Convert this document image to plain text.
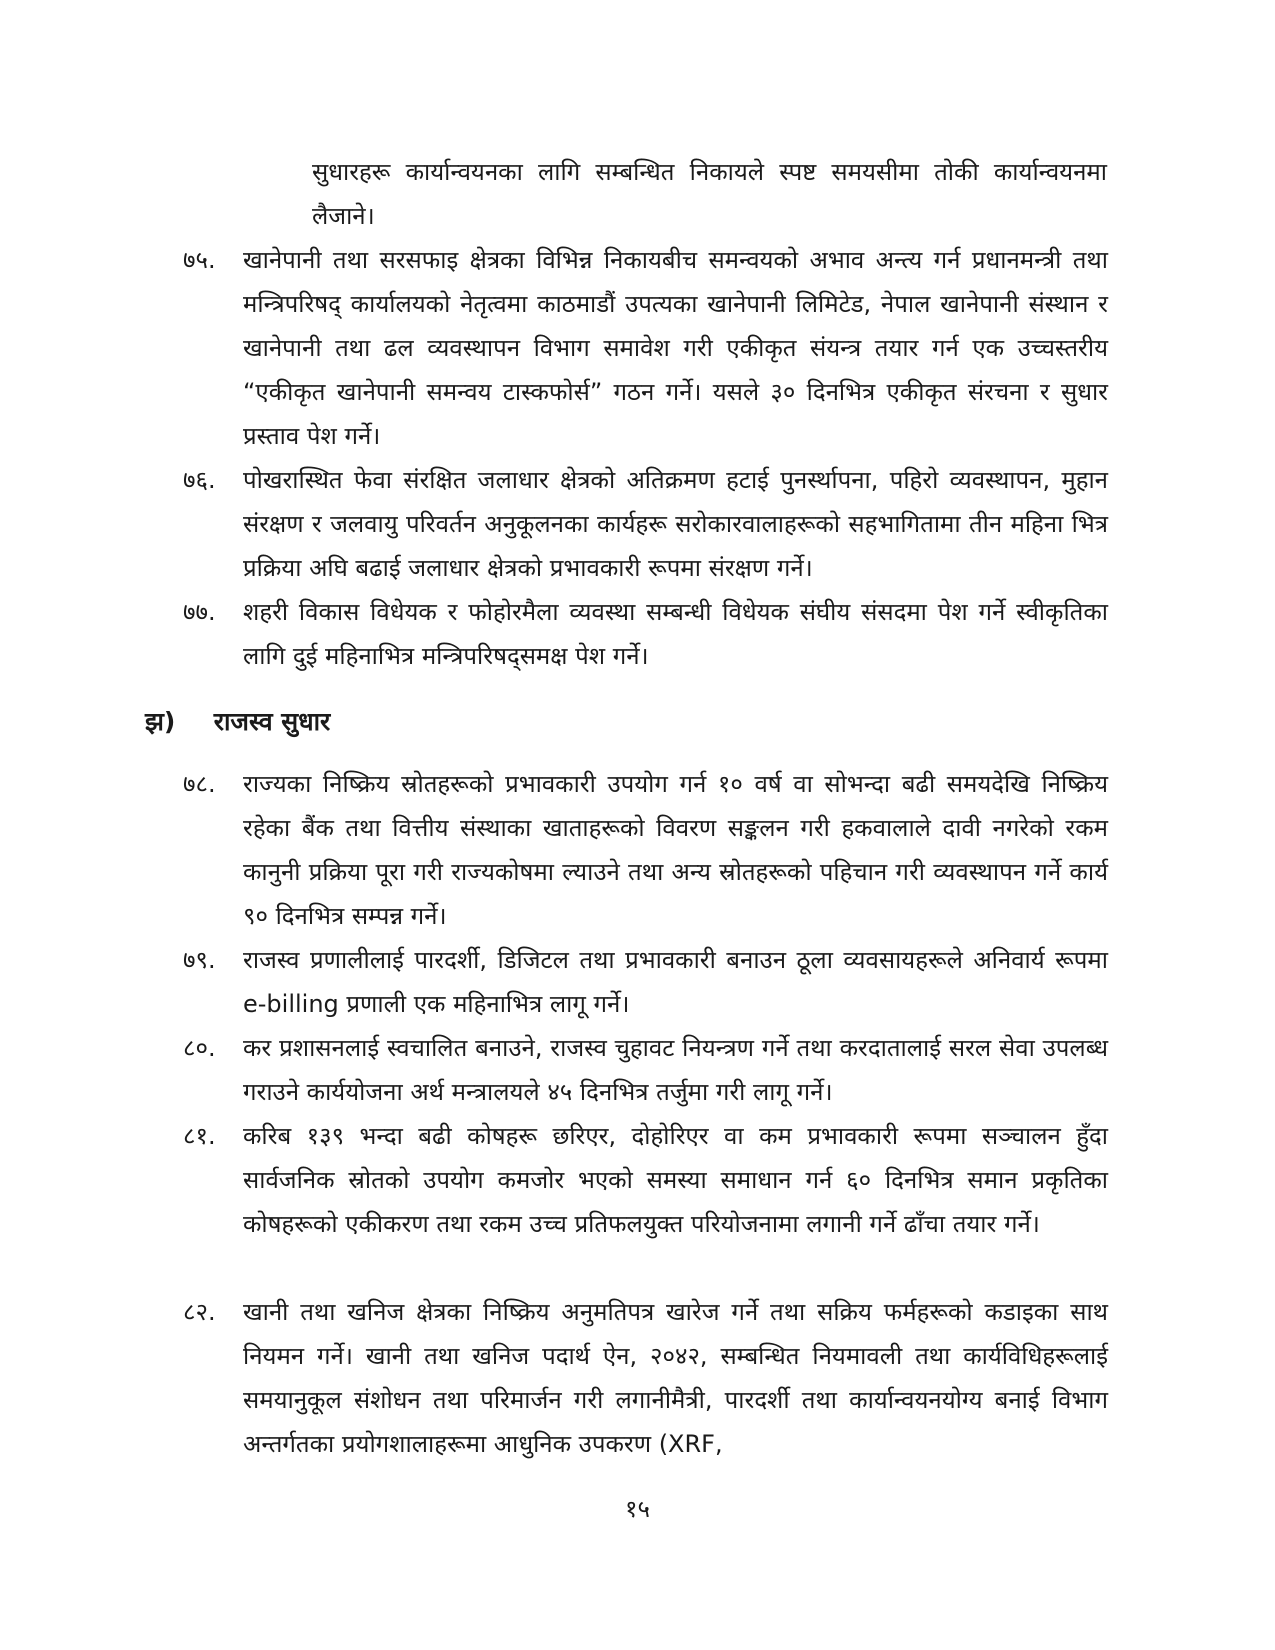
सुधारहरू कार्यान्वयनका लागि सम्बन्धित निकायले स्पष्ट समयसीमा तोकी कार्यान्वयनमा लैजाने।
७५.	खानेपानी तथा सरसफाइ क्षेत्रका विभिन्न निकायबीच समन्वयको अभाव अन्त्य गर्न प्रधानमन्त्री तथा मन्त्रिपरिषद् कार्यालयको नेतृत्वमा काठमाडौं उपत्यका खानेपानी लिमिटेड, नेपाल खानेपानी संस्थान र खानेपानी तथा ढल व्यवस्थापन विभाग समावेश गरी एकीकृत संयन्त्र तयार गर्न एक उच्चस्तरीय “एकीकृत खानेपानी समन्वय टास्कफोर्स” गठन गर्ने। यसले ३० दिनभित्र एकीकृत संरचना र सुधार प्रस्ताव पेश गर्ने।
७६.	पोखरास्थित फेवा संरक्षित जलाधार क्षेत्रको अतिक्रमण हटाई पुनर्स्थापना, पहिरो व्यवस्थापन, मुहान संरक्षण र जलवायु परिवर्तन अनुकूलनका कार्यहरू सरोकारवालाहरूको सहभागितामा तीन महिना भित्र प्रक्रिया अघि बढाई जलाधार क्षेत्रको प्रभावकारी रूपमा संरक्षण गर्ने।
७७.	शहरी विकास विधेयक र फोहोरमैला व्यवस्था सम्बन्धी विधेयक संघीय संसदमा पेश गर्ने स्वीकृतिका लागि दुई महिनाभित्र मन्त्रिपरिषद्समक्ष पेश गर्ने।
झ) राजस्व सुधार
७८.	राज्यका निष्क्रिय स्रोतहरूको प्रभावकारी उपयोग गर्न १० वर्ष वा सोभन्दा बढी समयदेखि निष्क्रिय रहेका बैंक तथा वित्तीय संस्थाका खाताहरूको विवरण सङ्कलन गरी हकवालाले दावी नगरेको रकम कानुनी प्रक्रिया पूरा गरी राज्यकोषमा ल्याउने तथा अन्य स्रोतहरूको पहिचान गरी व्यवस्थापन गर्ने कार्य ९० दिनभित्र सम्पन्न गर्ने।
७९.	राजस्व प्रणालीलाई पारदर्शी, डिजिटल तथा प्रभावकारी बनाउन ठूला व्यवसायहरूले अनिवार्य रूपमा e-billing प्रणाली एक महिनाभित्र लागू गर्ने।
८०.	कर प्रशासनलाई स्वचालित बनाउने, राजस्व चुहावट नियन्त्रण गर्ने तथा करदातालाई सरल सेवा उपलब्ध गराउने कार्ययोजना अर्थ मन्त्रालयले ४५ दिनभित्र तर्जुमा गरी लागू गर्ने।
८१.	करिब १३९ भन्दा बढी कोषहरू छरिएर, दोहोरिएर वा कम प्रभावकारी रूपमा सञ्चालन हुँदा सार्वजनिक स्रोतको उपयोग कमजोर भएको समस्या समाधान गर्न ६० दिनभित्र समान प्रकृतिका कोषहरूको एकीकरण तथा रकम उच्च प्रतिफलयुक्त परियोजनामा लगानी गर्ने ढाँचा तयार गर्ने।
८२.	खानी तथा खनिज क्षेत्रका निष्क्रिय अनुमतिपत्र खारेज गर्ने तथा सक्रिय फर्महरूको कडाइका साथ नियमन गर्ने। खानी तथा खनिज पदार्थ ऐन, २०४२, सम्बन्धित नियमावली तथा कार्यविधिहरूलाई समयानुकूल संशोधन तथा परिमार्जन गरी लगानीमैत्री, पारदर्शी तथा कार्यान्वयनयोग्य बनाई विभाग अन्तर्गतका प्रयोगशालाहरूमा आधुनिक उपकरण (XRF,
१५
